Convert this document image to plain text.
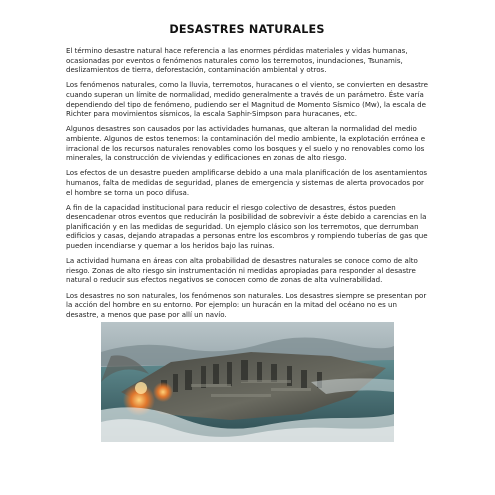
DESASTRES NATURALES

El término desastre natural hace referencia a las enormes pérdidas materiales y vidas humanas, ocasionadas por eventos o fenómenos naturales como los terremotos, inundaciones, Tsunamis, deslizamientos de tierra, deforestación, contaminación ambiental y otros.

Los fenómenos naturales, como la lluvia, terremotos, huracanes o el viento, se convierten en desastre cuando superan un límite de normalidad, medido generalmente a través de un parámetro. Éste varía dependiendo del tipo de fenómeno, pudiendo ser el Magnitud de Momento Sísmico (Mw), la escala de Richter para movimientos sísmicos, la escala Saphir-Simpson para huracanes, etc.

Algunos desastres son causados por las actividades humanas, que alteran la normalidad del medio ambiente. Algunos de estos tenemos: la contaminación del medio ambiente, la explotación errónea e irracional de los recursos naturales renovables como los bosques y el suelo y no renovables como los minerales, la construcción de viviendas y edificaciones en zonas de alto riesgo.

Los efectos de un desastre pueden amplificarse debido a una mala planificación de los asentamientos humanos, falta de medidas de seguridad, planes de emergencia y sistemas de alerta provocados por el hombre se torna un poco difusa.

A fin de la capacidad institucional para reducir el riesgo colectivo de desastres, éstos pueden desencadenar otros eventos que reducirán la posibilidad de sobrevivir a éste debido a carencias en la planificación y en las medidas de seguridad. Un ejemplo clásico son los terremotos, que derrumban edificios y casas, dejando atrapadas a personas entre los escombros y rompiendo tuberías de gas que pueden incendiarse y quemar a los heridos bajo las ruinas.

La actividad humana en áreas con alta probabilidad de desastres naturales se conoce como de alto riesgo. Zonas de alto riesgo sin instrumentación ni medidas apropiadas para responder al desastre natural o reducir sus efectos negativos se conocen como de zonas de alta vulnerabilidad.

Los desastres no son naturales, los fenómenos son naturales. Los desastres siempre se presentan por la acción del hombre en su entorno. Por ejemplo: un huracán en la mitad del océano no es un desastre, a menos que pase por allí un navío.
